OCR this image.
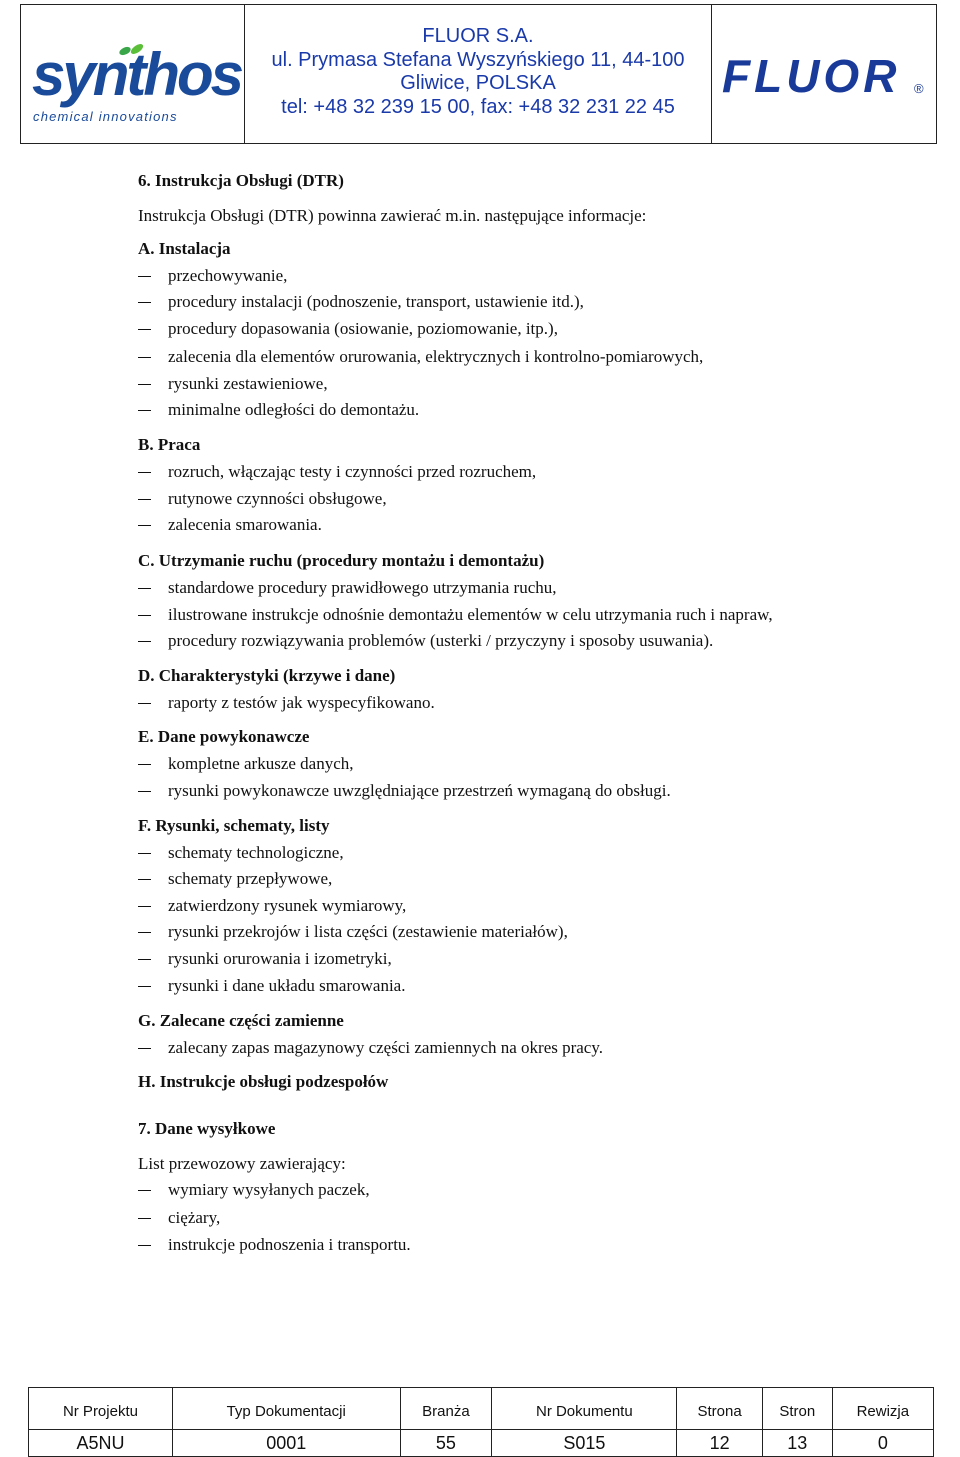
synthos
chemical innovations
FLUOR S.A.
ul. Prymasa Stefana Wyszyńskiego 11, 44-100
Gliwice, POLSKA
tel: +48 32 239 15 00, fax: +48 32 231 22 45
FLUOR ®
6. Instrukcja Obsługi (DTR)
Instrukcja Obsługi (DTR) powinna zawierać m.in. następujące informacje:
A. Instalacja
przechowywanie,
procedury instalacji (podnoszenie, transport, ustawienie itd.),
procedury dopasowania (osiowanie, poziomowanie, itp.),
zalecenia dla elementów orurowania, elektrycznych i kontrolno-pomiarowych,
rysunki zestawieniowe,
minimalne odległości do demontażu.
B. Praca
rozruch, włączając testy i czynności przed rozruchem,
rutynowe czynności obsługowe,
zalecenia smarowania.
C. Utrzymanie ruchu (procedury montażu i demontażu)
standardowe procedury prawidłowego utrzymania ruchu,
ilustrowane instrukcje odnośnie demontażu elementów w celu utrzymania ruch i napraw,
procedury rozwiązywania problemów (usterki / przyczyny i sposoby usuwania).
D. Charakterystyki (krzywe i dane)
raporty z testów jak wyspecyfikowano.
E. Dane powykonawcze
kompletne arkusze danych,
rysunki powykonawcze uwzględniające przestrzeń wymaganą do obsługi.
F. Rysunki, schematy, listy
schematy technologiczne,
schematy przepływowe,
zatwierdzony rysunek wymiarowy,
rysunki przekrojów i lista części (zestawienie materiałów),
rysunki orurowania i izometryki,
rysunki i dane układu smarowania.
G. Zalecane części zamienne
zalecany zapas magazynowy części zamiennych na okres pracy.
H. Instrukcje obsługi podzespołów
7. Dane wysyłkowe
List przewozowy zawierający:
wymiary wysyłanych paczek,
ciężary,
instrukcje podnoszenia i transportu.
Nr Projektu	Typ Dokumentacji	Branża	Nr Dokumentu	Strona	Stron	Rewizja
A5NU	0001	55	S015	12	13	0
